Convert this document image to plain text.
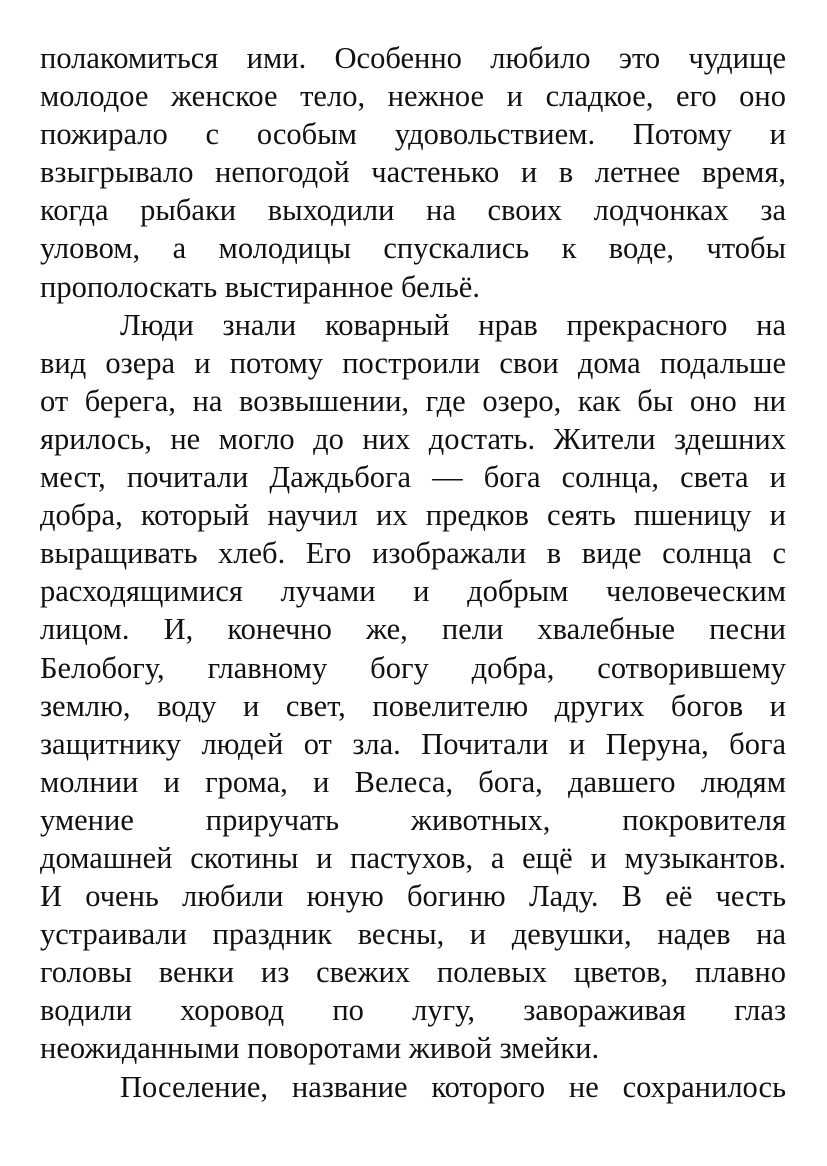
полакомиться ими. Особенно любило это чудище
молодое женское тело, нежное и сладкое, его оно
пожирало с особым удовольствием. Потому и
взыгрывало непогодой частенько и в летнее время,
когда рыбаки выходили на своих лодчонках за
уловом, а молодицы спускались к воде, чтобы
прополоскать выстиранное бельё.
Люди знали коварный нрав прекрасного на
вид озера и потому построили свои дома подальше
от берега, на возвышении, где озеро, как бы оно ни
ярилось, не могло до них достать. Жители здешних
мест, почитали Даждьбога — бога солнца, света и
добра, который научил их предков сеять пшеницу и
выращивать хлеб. Его изображали в виде солнца с
расходящимися лучами и добрым человеческим
лицом. И, конечно же, пели хвалебные песни
Белобогу, главному богу добра, сотворившему
землю, воду и свет, повелителю других богов и
защитнику людей от зла. Почитали и Перуна, бога
молнии и грома, и Велеса, бога, давшего людям
умение приручать животных, покровителя
домашней скотины и пастухов, а ещё и музыкантов.
И очень любили юную богиню Ладу. В её честь
устраивали праздник весны, и девушки, надев на
головы венки из свежих полевых цветов, плавно
водили хоровод по лугу, завораживая глаз
неожиданными поворотами живой змейки.
Поселение, название которого не сохранилось
